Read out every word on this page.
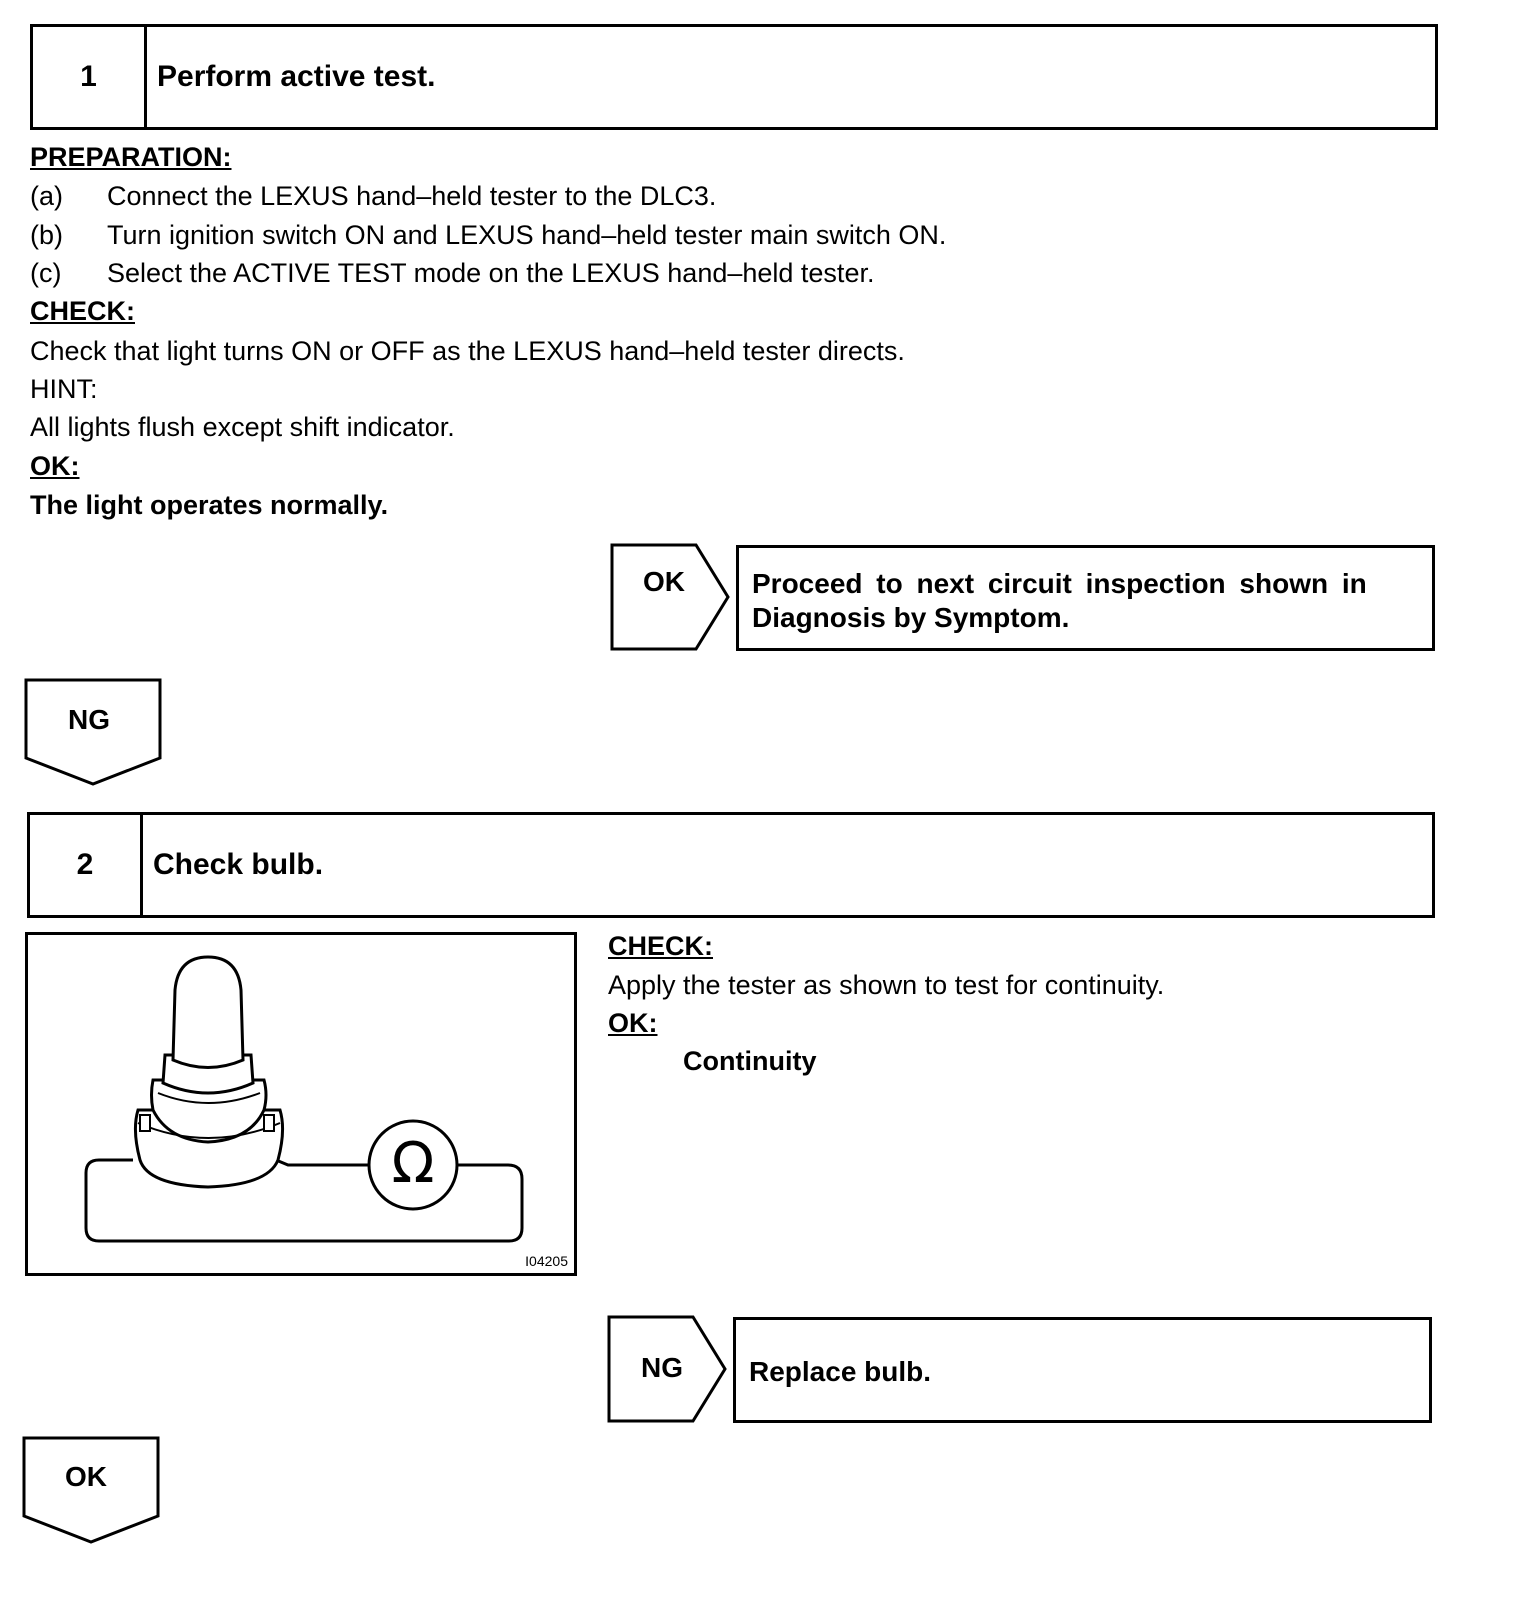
1	Perform active test.
PREPARATION:
(a) Connect the LEXUS hand–held tester to the DLC3.
(b) Turn ignition switch ON and LEXUS hand–held tester main switch ON.
(c) Select the ACTIVE TEST mode on the LEXUS hand–held tester.
CHECK:
Check that light turns ON or OFF as the LEXUS hand–held tester directs.
HINT:
All lights flush except shift indicator.
OK:
The light operates normally.
OK Proceed to next circuit inspection shown in
Diagnosis by Symptom.
NG
2	Check bulb.
Ω
I04205
CHECK:
Apply the tester as shown to test for continuity.
OK:
Continuity
NG Replace bulb.
OK
